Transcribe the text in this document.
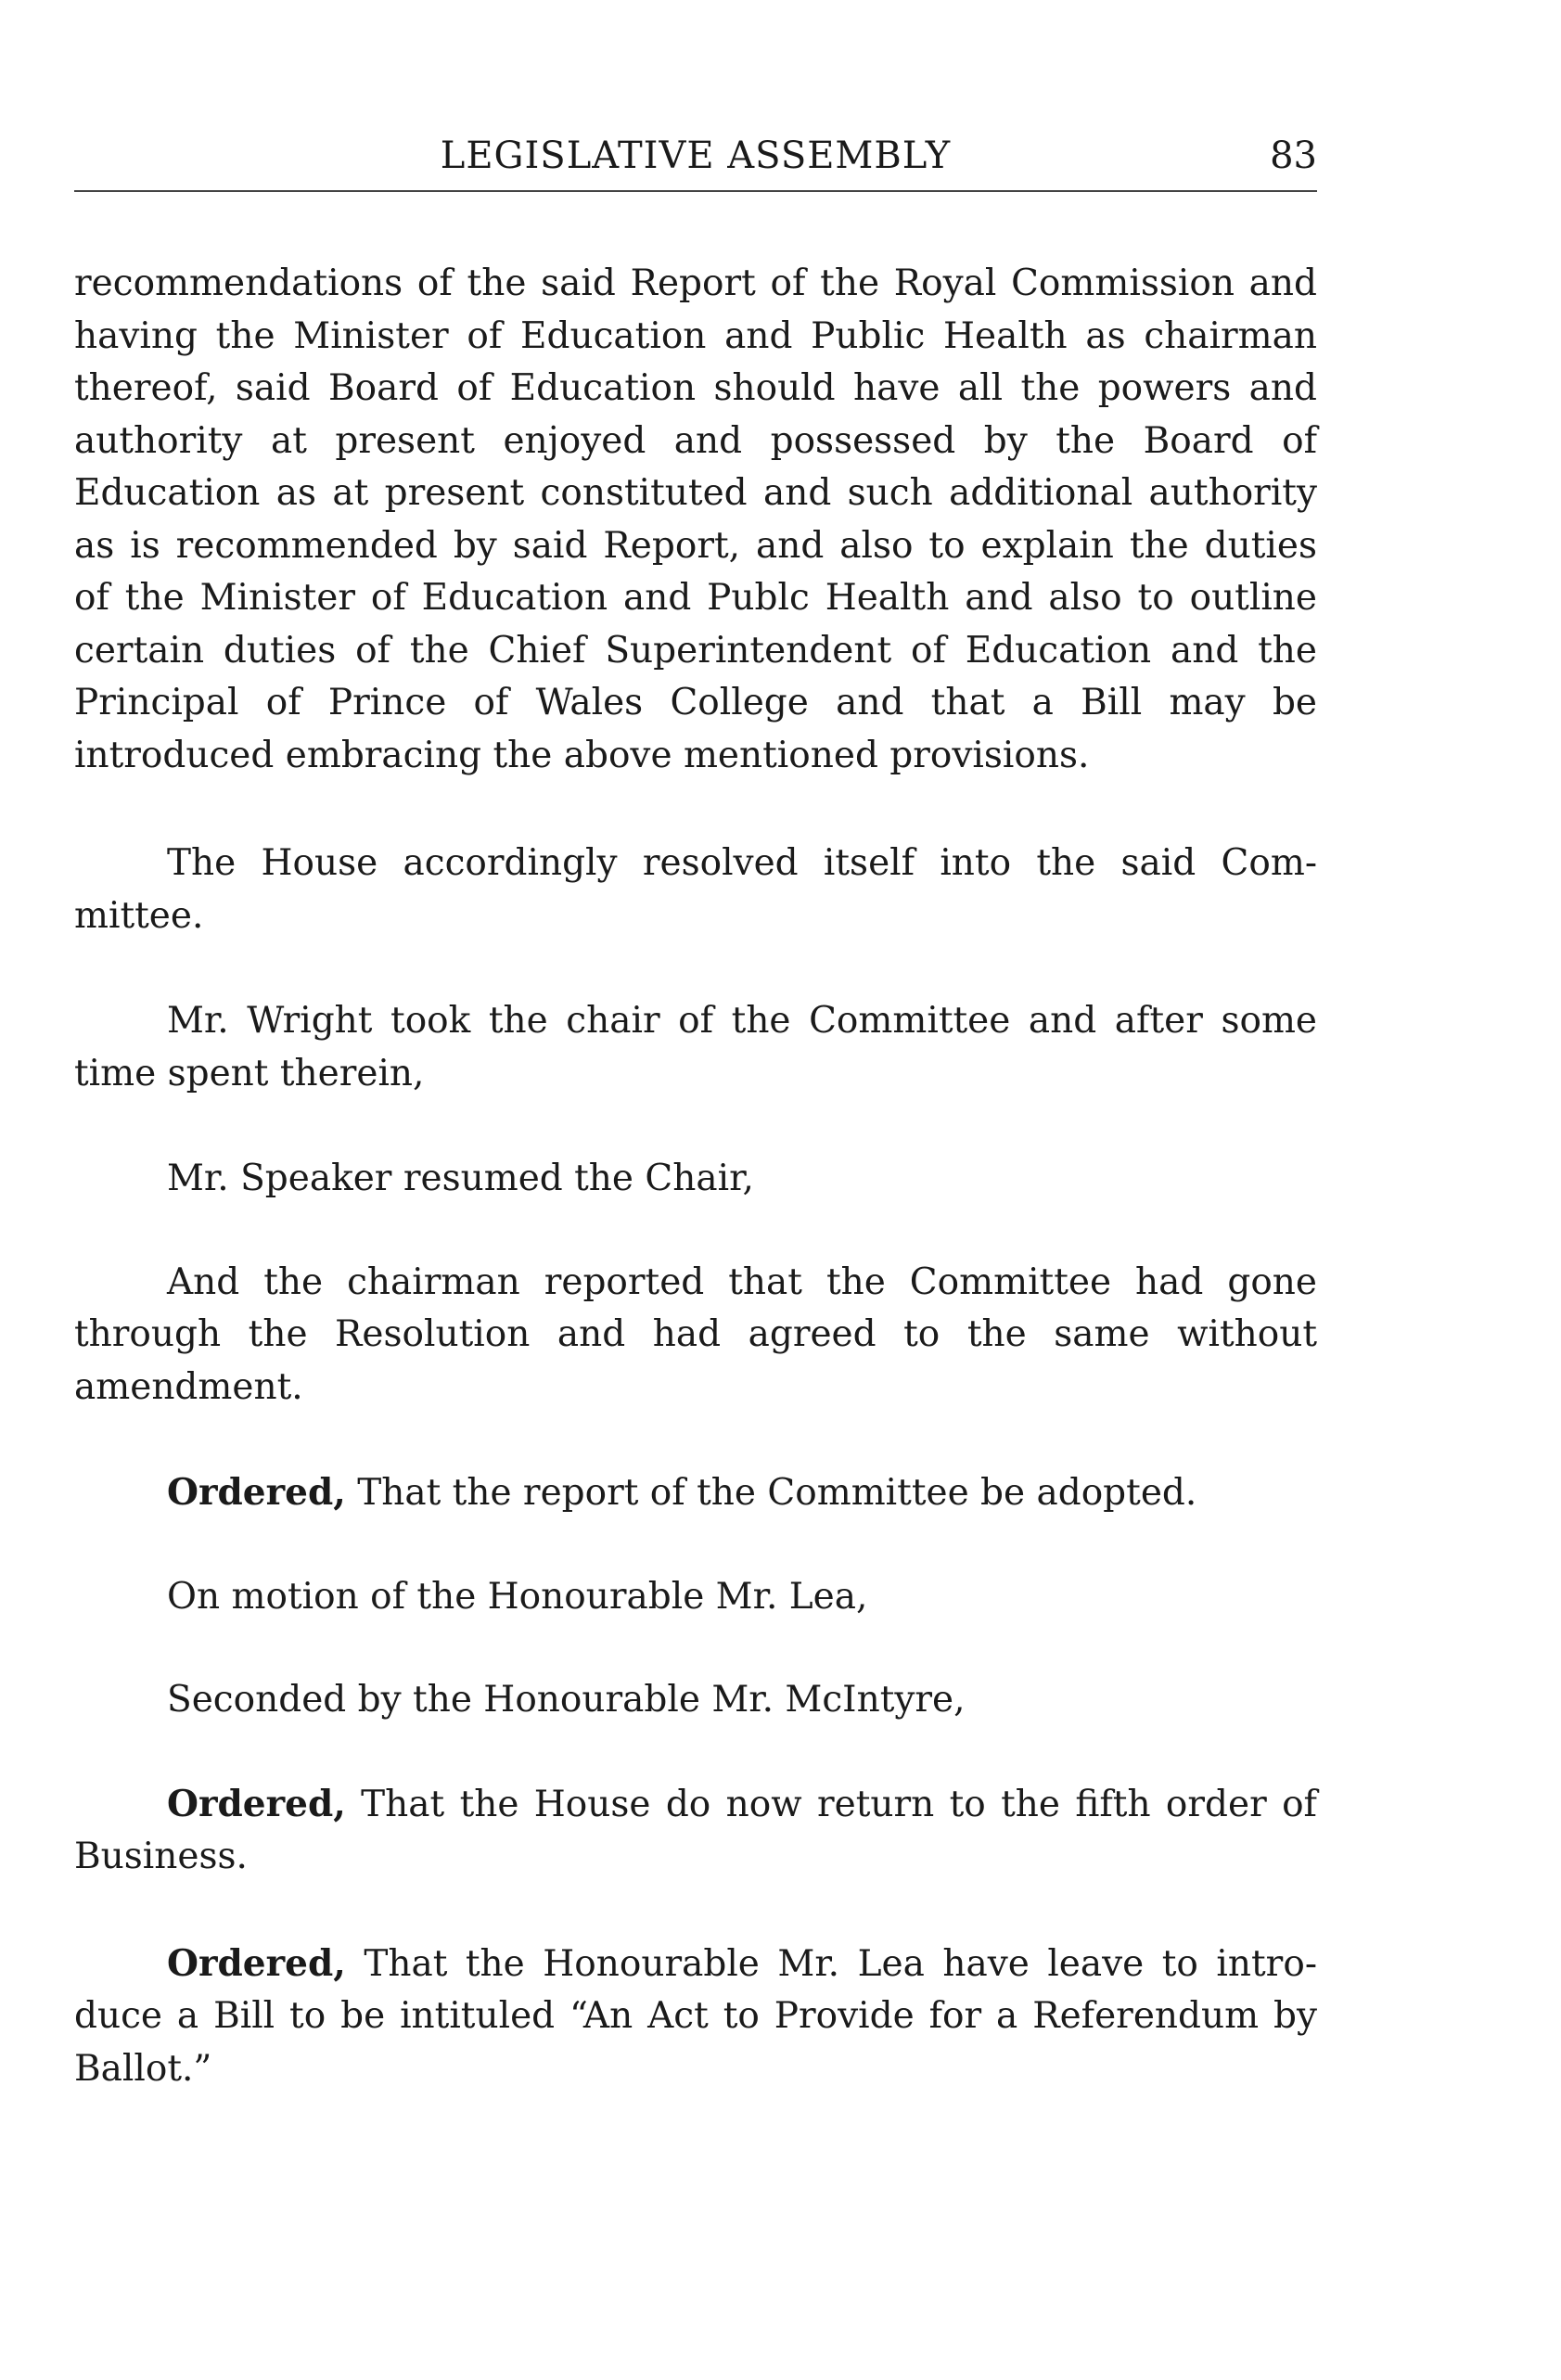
LEGISLATIVE ASSEMBLY	83

recommendations of the said Report of the Royal Commission and having the Minister of Education and Public Health as chairman thereof, said Board of Education should have all the powers and authority at present enjoyed and possessed by the Board of Education as at present constituted and such additional authority as is recommended by said Report, and also to explain the duties of the Minister of Education and Publc Health and also to outline certain duties of the Chief Superintendent of Education and the Principal of Prince of Wales College and that a Bill may be introduced embracing the above mentioned provisions.

The House accordingly resolved itself into the said Committee.

Mr. Wright took the chair of the Committee and after some time spent therein,

Mr. Speaker resumed the Chair,

And the chairman reported that the Committee had gone through the Resolution and had agreed to the same without amendment.

Ordered, That the report of the Committee be adopted.

On motion of the Honourable Mr. Lea,

Seconded by the Honourable Mr. McIntyre,

Ordered, That the House do now return to the fifth order of Business.

Ordered, That the Honourable Mr. Lea have leave to introduce a Bill to be intituled “An Act to Provide for a Referendum by Ballot.”
